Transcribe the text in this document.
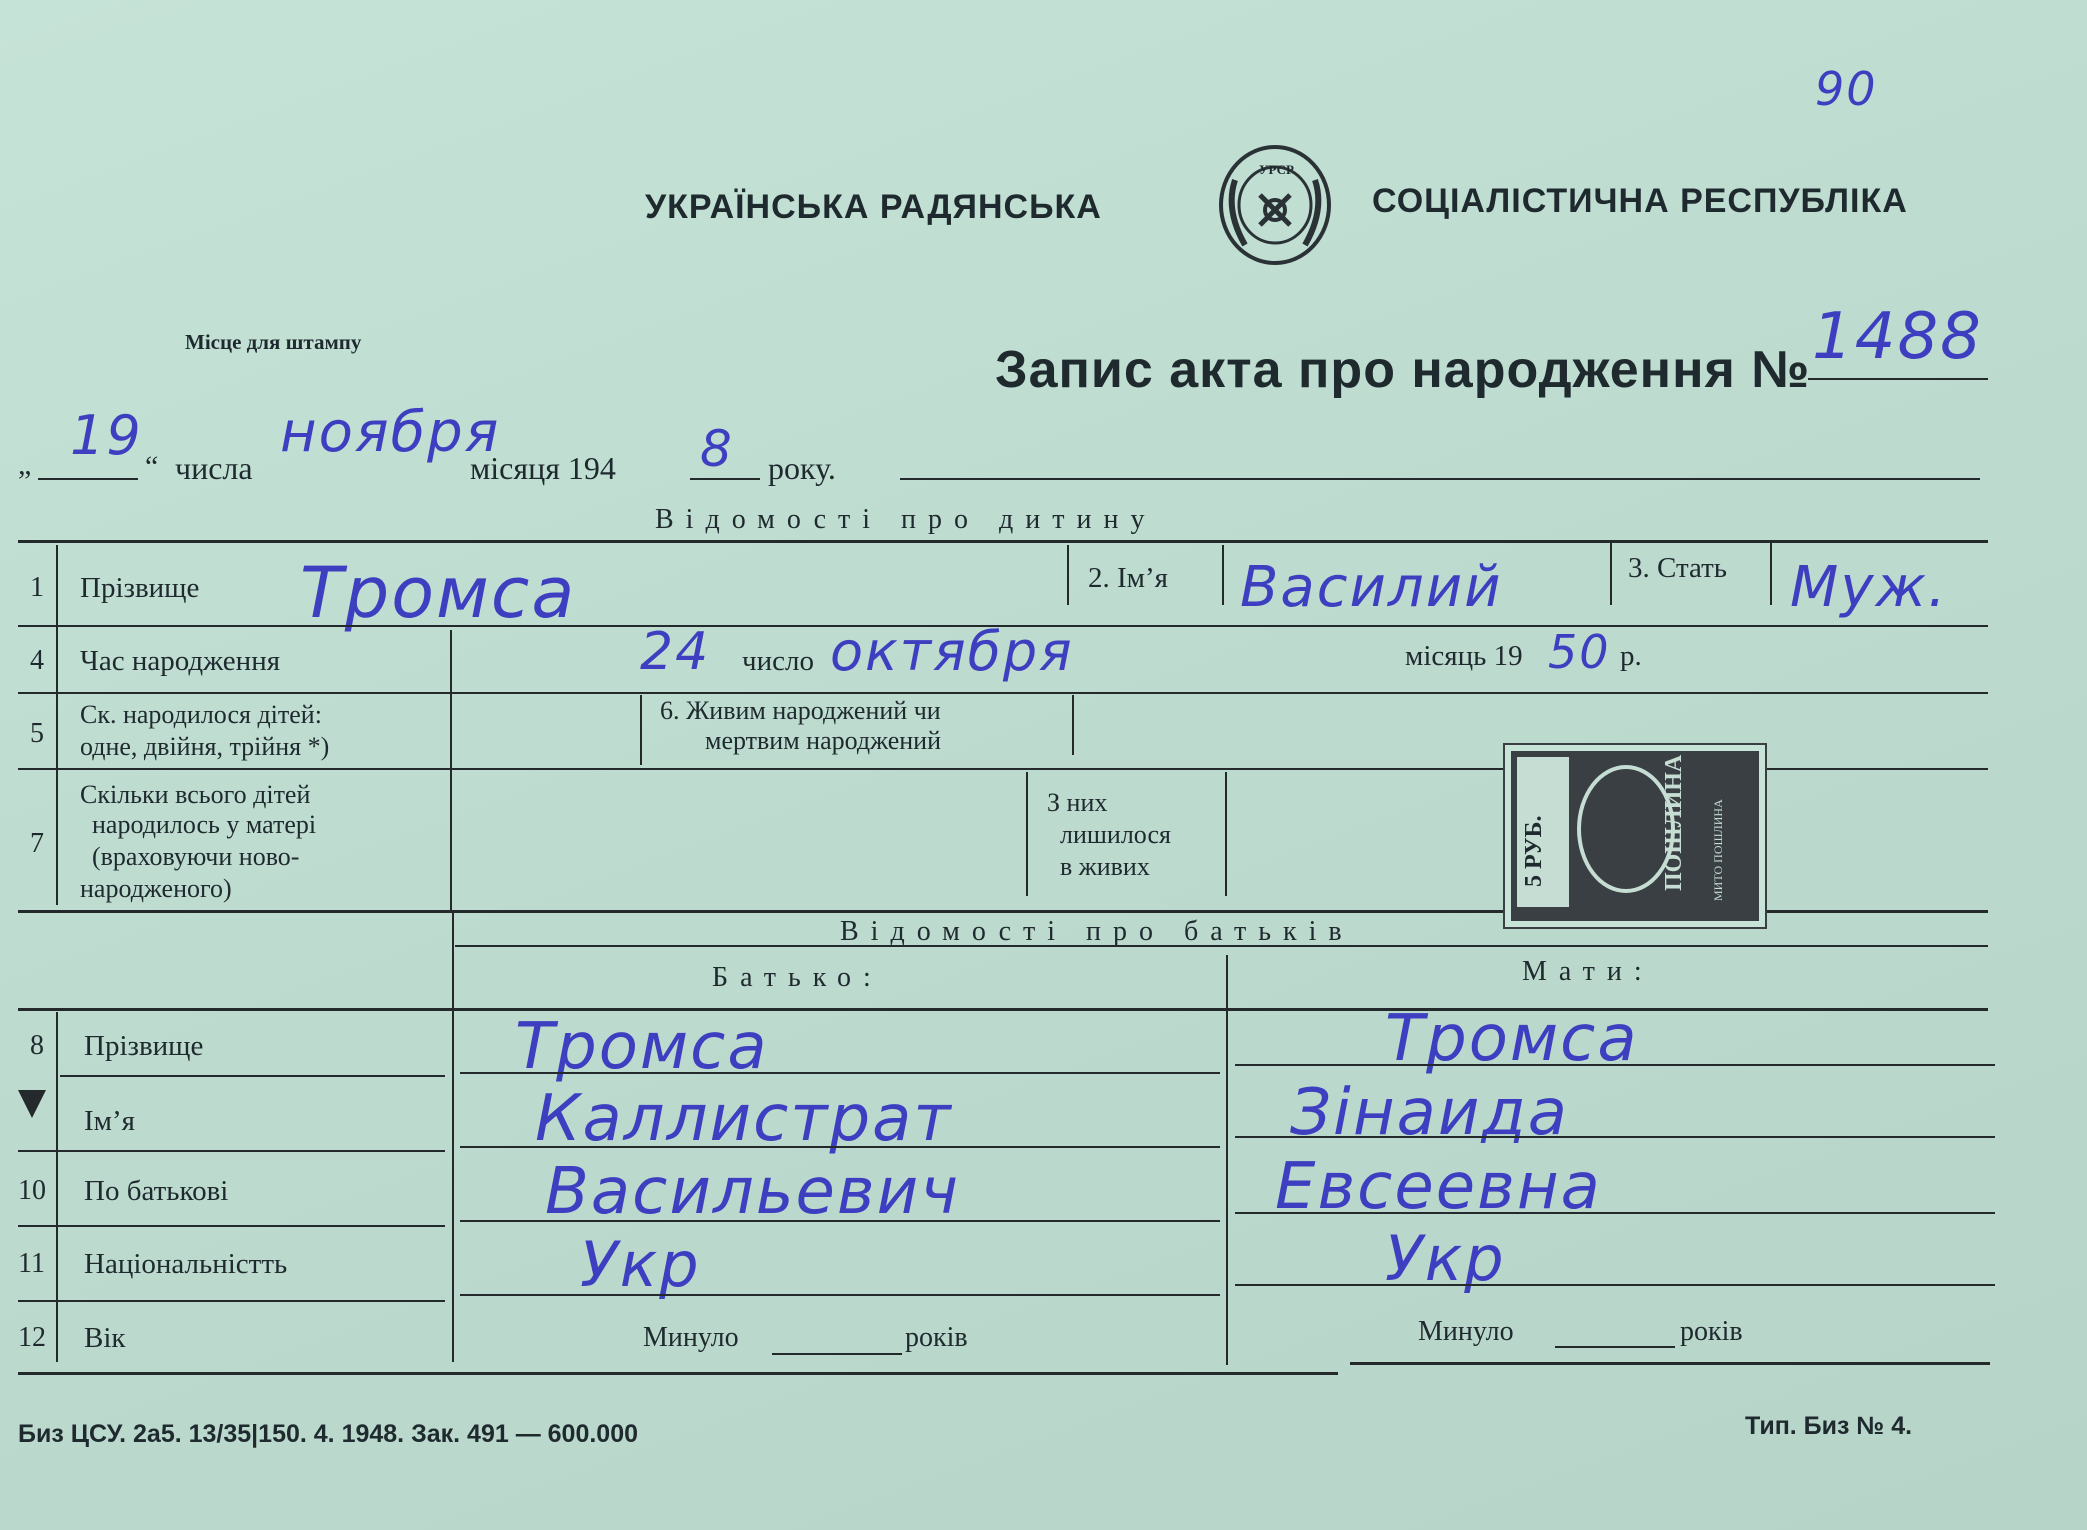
90
УКРАЇНСЬКА РАДЯНСЬКА
УРСР
СОЦІАЛІСТИЧНА РЕСПУБЛІКА
Місце для штампу	Запис акта про народження № 1488
„ 19 “ числа
ноября
місяця 194 8 року.
Відомості про дитину
1 Прізвище Тромса	2. Ім’я Василий	3. Стать Муж.
4 Час народження	24 число октября	місяць 19 50 р.
5
Ск. народилося дітей:
одне, двійня, трійня *)
6. Живим народжений чи
мертвим народжений
7
Скільки всього дітей
народилось у матері
(враховуючи ново-
народженого)
З них
лишилося
в живих	5 РУБ.	ПОШЛИНА МИТО ПОШЛИНА
Відомості про батьків
Батько:	Мати:
8 Прізвище	Тромса	Тромса
Ім’я	Каллистрат	Зінаида
10 По батькові	Васильевич	Евсеевна
11 Національністть	Укр	Укр
12 Вік	Минуло	років	Минуло	років
Биз ЦСУ. 2а5. 13/35|150. 4. 1948. Зак. 491 — 600.000	Тип. Биз № 4.
